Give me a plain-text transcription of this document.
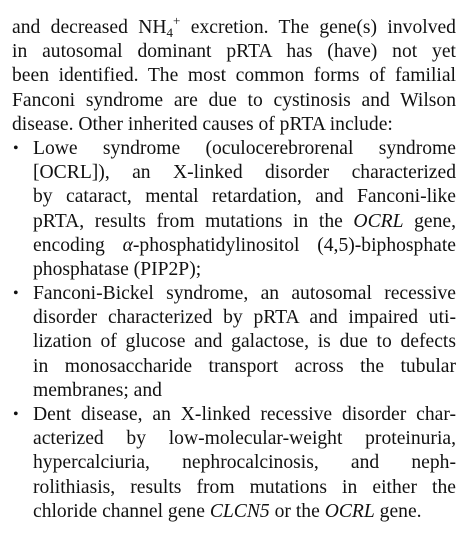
and decreased $NH_4^+$ excretion. The gene(s) involved
in autosomal dominant pRTA has (have) not yet
been identified. The most common forms of familial
Fanconi syndrome are due to cystinosis and Wilson
disease. Other inherited causes of pRTA include:
• Lowe syndrome (oculocerebrorenal syndrome
[OCRL]), an X-linked disorder characterized
by cataract, mental retardation, and Fanconi-like
pRTA, results from mutations in the OCRL gene,
encoding α-phosphatidylinositol (4,5)-biphosphate
phosphatase (PIP2P);
• Fanconi-Bickel syndrome, an autosomal recessive
disorder characterized by pRTA and impaired uti-
lization of glucose and galactose, is due to defects
in monosaccharide transport across the tubular
membranes; and
• Dent disease, an X-linked recessive disorder char-
acterized by low-molecular-weight proteinuria,
hypercalciuria, nephrocalcinosis, and neph-
rolithiasis, results from mutations in either the
chloride channel gene CLCN5 or the OCRL gene.
